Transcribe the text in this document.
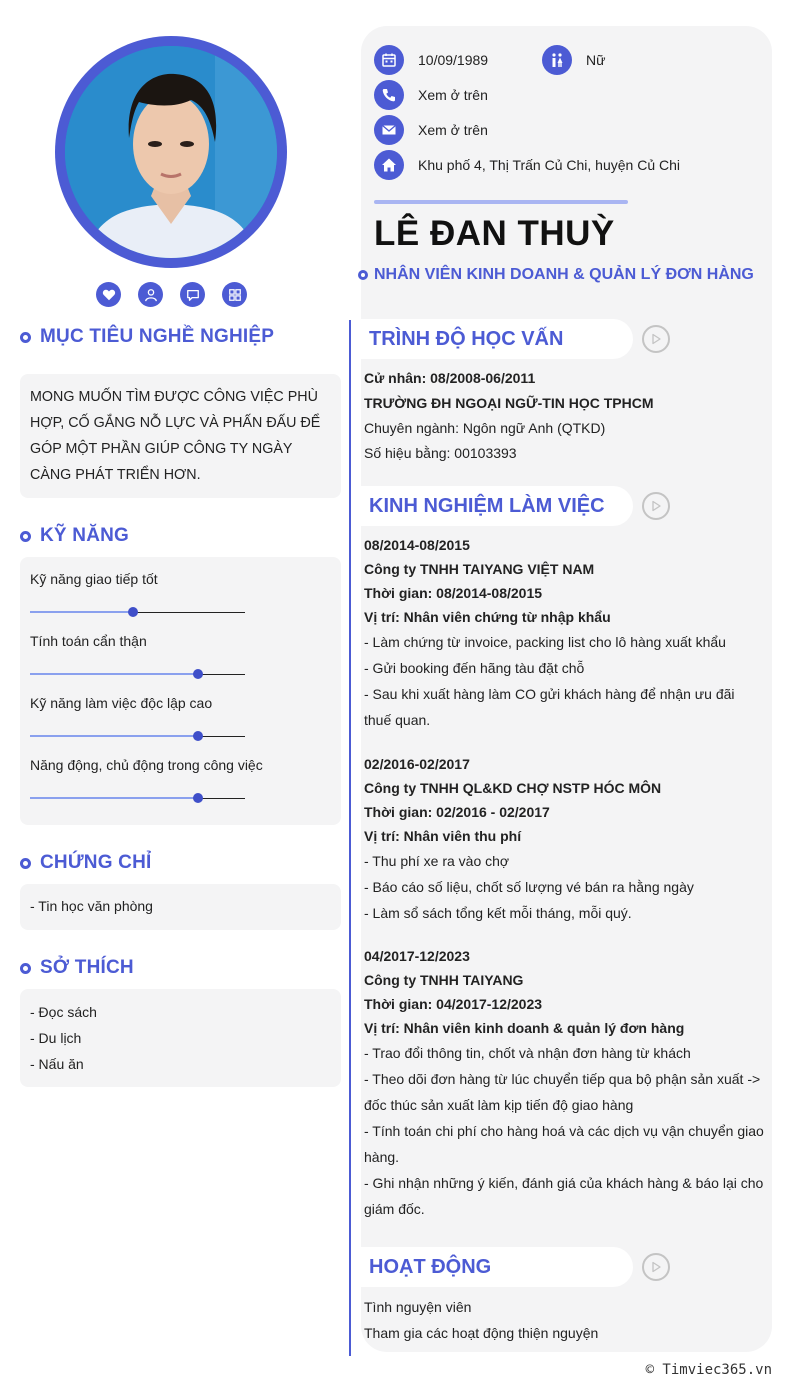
MỤC TIÊU NGHỀ NGHIỆP
MONG MUỐN TÌM ĐƯỢC CÔNG VIỆC PHÙ HỢP, CỐ GẮNG NỖ LỰC VÀ PHẤN ĐẤU ĐỂ GÓP MỘT PHẦN GIÚP CÔNG TY NGÀY CÀNG PHÁT TRIỂN HƠN.
KỸ NĂNG
Kỹ năng giao tiếp tốt
Tính toán cẩn thận
Kỹ năng làm việc độc lập cao
Năng động, chủ động trong công việc
CHỨNG CHỈ
- Tin học văn phòng
SỞ THÍCH
- Đọc sách
- Du lịch
- Nấu ăn
10/09/1989	Nữ
Xem ở trên
Xem ở trên
Khu phố 4, Thị Trấn Củ Chi, huyện Củ Chi
LÊ ĐAN THUỲ
NHÂN VIÊN KINH DOANH & QUẢN LÝ ĐƠN HÀNG
TRÌNH ĐỘ HỌC VẤN
Cử nhân: 08/2008-06/2011
TRƯỜNG ĐH NGOẠI NGỮ-TIN HỌC TPHCM
Chuyên ngành: Ngôn ngữ Anh (QTKD)
Số hiệu bằng: 00103393
KINH NGHIỆM LÀM VIỆC
08/2014-08/2015
Công ty TNHH TAIYANG VIỆT NAM
Thời gian: 08/2014-08/2015
Vị trí: Nhân viên chứng từ nhập khẩu
- Làm chứng từ invoice, packing list cho lô hàng xuất khẩu
- Gửi booking đến hãng tàu đặt chỗ
- Sau khi xuất hàng làm CO gửi khách hàng để nhận ưu đãi thuế quan.
02/2016-02/2017
Công ty TNHH QL&KD CHỢ NSTP HÓC MÔN
Thời gian: 02/2016 - 02/2017
Vị trí: Nhân viên thu phí
- Thu phí xe ra vào chợ
- Báo cáo số liệu, chốt số lượng vé bán ra hằng ngày
- Làm sổ sách tổng kết mỗi tháng, mỗi quý.
04/2017-12/2023
Công ty TNHH TAIYANG
Thời gian: 04/2017-12/2023
Vị trí: Nhân viên kinh doanh & quản lý đơn hàng
- Trao đổi thông tin, chốt và nhận đơn hàng từ khách
- Theo dõi đơn hàng từ lúc chuyển tiếp qua bộ phận sản xuất -> đốc thúc sản xuất làm kịp tiến độ giao hàng
- Tính toán chi phí cho hàng hoá và các dịch vụ vận chuyển giao hàng.
- Ghi nhận những ý kiến, đánh giá của khách hàng & báo lại cho giám đốc.
HOẠT ĐỘNG
Tình nguyện viên
Tham gia các hoạt động thiện nguyện
© Timviec365.vn
